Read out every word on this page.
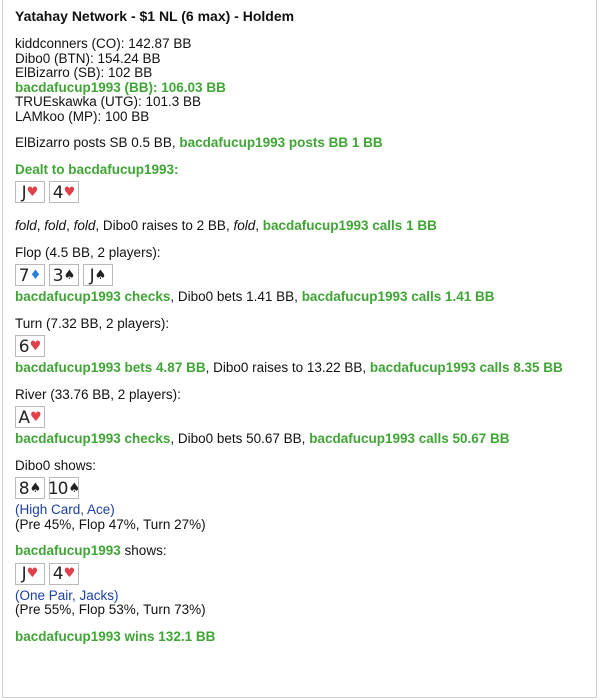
Yatahay Network - $1 NL (6 max) - Holdem
kiddconners (CO): 142.87 BB
Dibo0 (BTN): 154.24 BB
ElBizarro (SB): 102 BB
bacdafucup1993 (BB): 106.03 BB
TRUEskawka (UTG): 101.3 BB
LAMkoo (MP): 100 BB
ElBizarro posts SB 0.5 BB, bacdafucup1993 posts BB 1 BB
Dealt to bacdafucup1993:
J ♥ 4 ♥
fold, fold, fold, Dibo0 raises to 2 BB, fold, bacdafucup1993 calls 1 BB
Flop (4.5 BB, 2 players):
7 ♦ 3 ♠ J ♠
bacdafucup1993 checks, Dibo0 bets 1.41 BB, bacdafucup1993 calls 1.41 BB
Turn (7.32 BB, 2 players):
6 ♥
bacdafucup1993 bets 4.87 BB, Dibo0 raises to 13.22 BB, bacdafucup1993 calls 8.35 BB
River (33.76 BB, 2 players):
A ♥
bacdafucup1993 checks, Dibo0 bets 50.67 BB, bacdafucup1993 calls 50.67 BB
Dibo0 shows:
8 ♠ 10 ♠
(High Card, Ace)
(Pre 45%, Flop 47%, Turn 27%)
bacdafucup1993 shows:
J ♥ 4 ♥
(One Pair, Jacks)
(Pre 55%, Flop 53%, Turn 73%)
bacdafucup1993 wins 132.1 BB
